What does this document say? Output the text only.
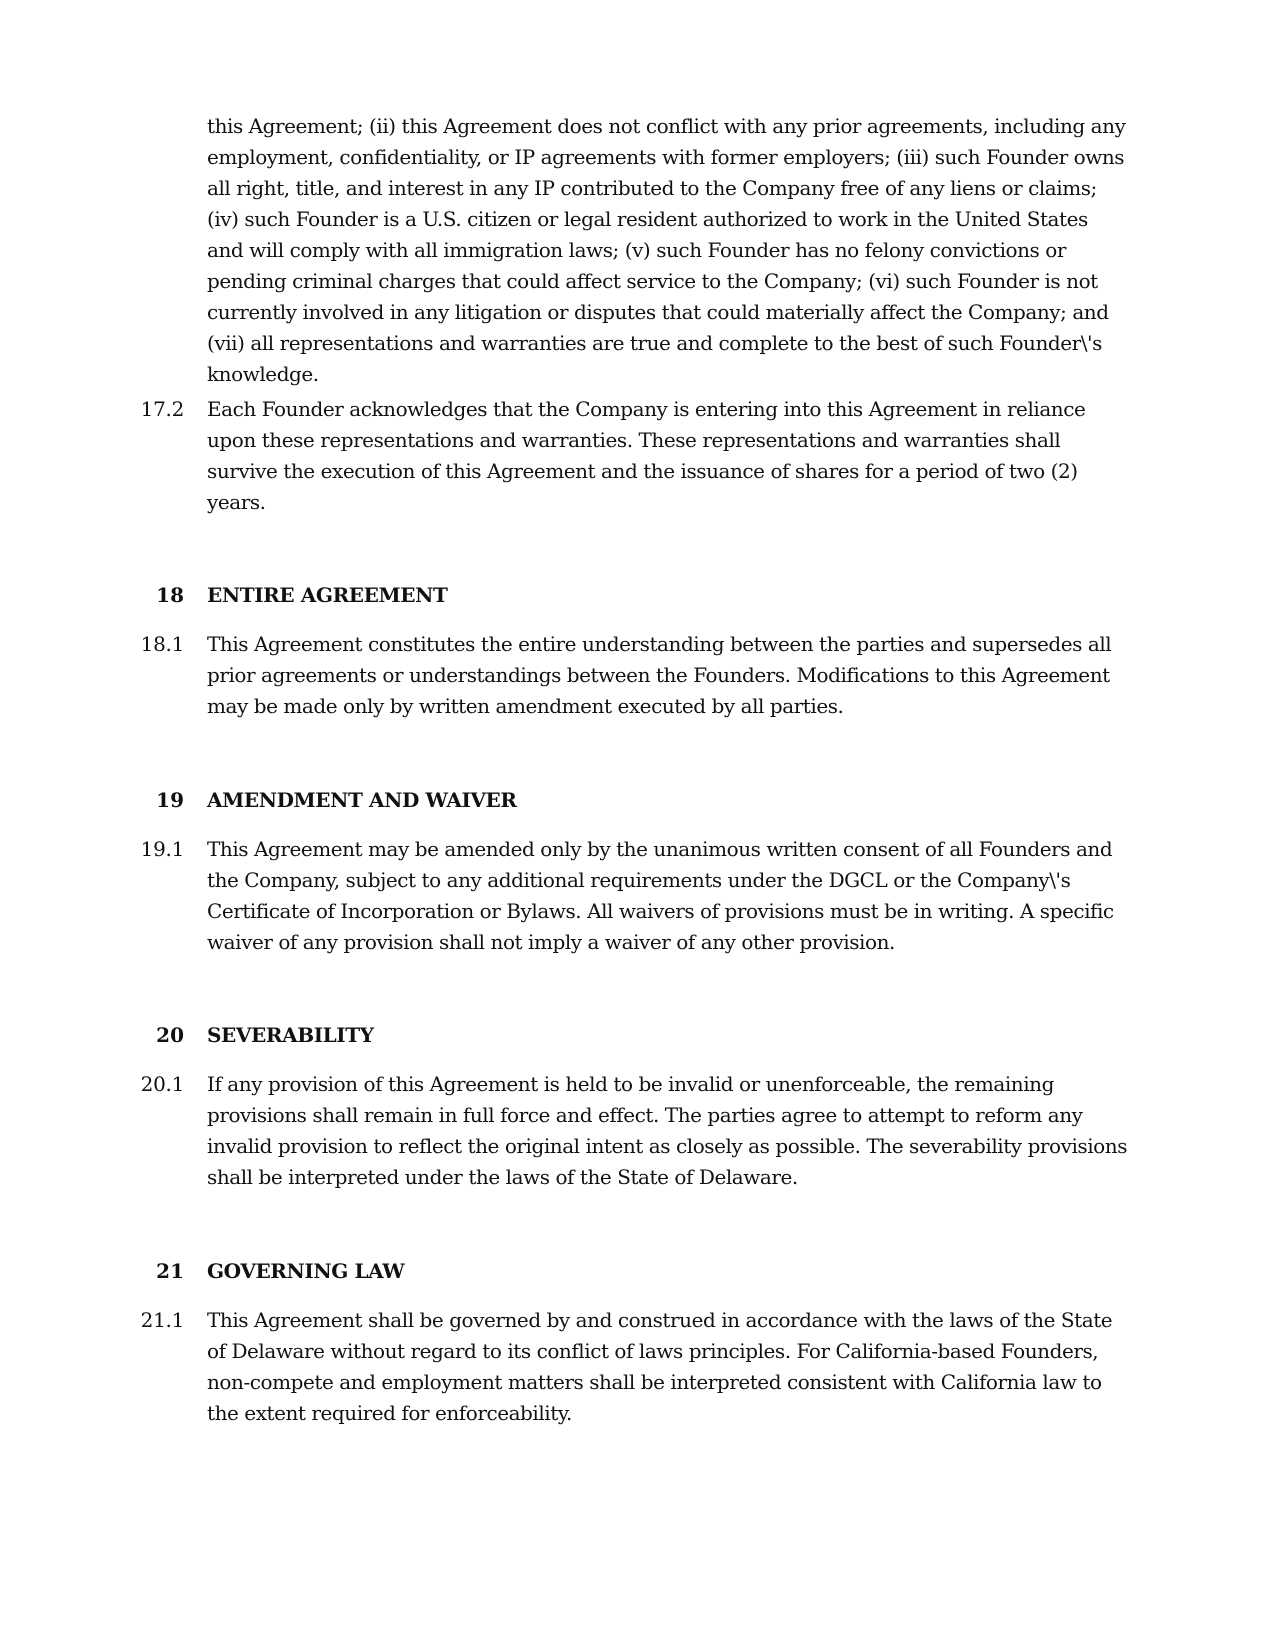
this Agreement; (ii) this Agreement does not conflict with any prior agreements, including any employment, confidentiality, or IP agreements with former employers; (iii) such Founder owns all right, title, and interest in any IP contributed to the Company free of any liens or claims; (iv) such Founder is a U.S. citizen or legal resident authorized to work in the United States and will comply with all immigration laws; (v) such Founder has no felony convictions or pending criminal charges that could affect service to the Company; (vi) such Founder is not currently involved in any litigation or disputes that could materially affect the Company; and (vii) all representations and warranties are true and complete to the best of such Founder\'s knowledge.

17.2 Each Founder acknowledges that the Company is entering into this Agreement in reliance upon these representations and warranties. These representations and warranties shall survive the execution of this Agreement and the issuance of shares for a period of two (2) years.

18 ENTIRE AGREEMENT

18.1 This Agreement constitutes the entire understanding between the parties and supersedes all prior agreements or understandings between the Founders. Modifications to this Agreement may be made only by written amendment executed by all parties.

19 AMENDMENT AND WAIVER

19.1 This Agreement may be amended only by the unanimous written consent of all Founders and the Company, subject to any additional requirements under the DGCL or the Company\'s Certificate of Incorporation or Bylaws. All waivers of provisions must be in writing. A specific waiver of any provision shall not imply a waiver of any other provision.

20 SEVERABILITY

20.1 If any provision of this Agreement is held to be invalid or unenforceable, the remaining provisions shall remain in full force and effect. The parties agree to attempt to reform any invalid provision to reflect the original intent as closely as possible. The severability provisions shall be interpreted under the laws of the State of Delaware.

21 GOVERNING LAW

21.1 This Agreement shall be governed by and construed in accordance with the laws of the State of Delaware without regard to its conflict of laws principles. For California-based Founders, non-compete and employment matters shall be interpreted consistent with California law to the extent required for enforceability.
